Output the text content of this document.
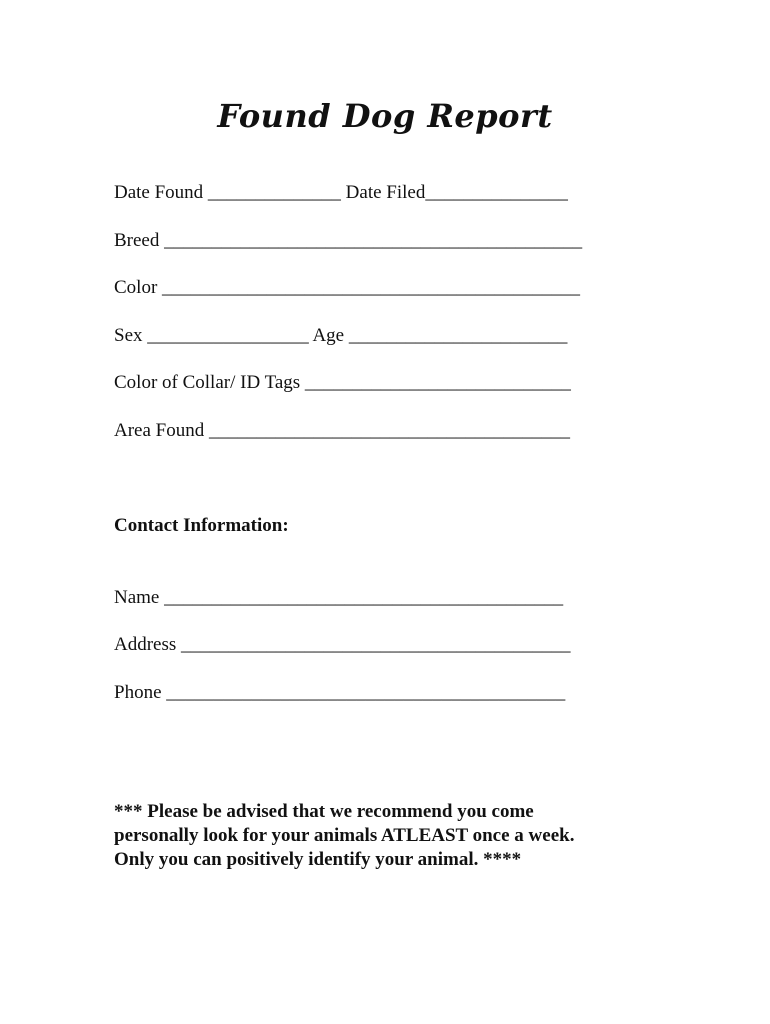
Found Dog Report

Date Found ______________ Date Filed_______________

Breed ____________________________________________

Color ____________________________________________

Sex _________________ Age _______________________

Color of Collar/ ID Tags ____________________________

Area Found ______________________________________

Contact Information:

Name __________________________________________

Address _________________________________________

Phone __________________________________________

*** Please be advised that we recommend you come
personally look for your animals ATLEAST once a week.
Only you can positively identify your animal. ****
